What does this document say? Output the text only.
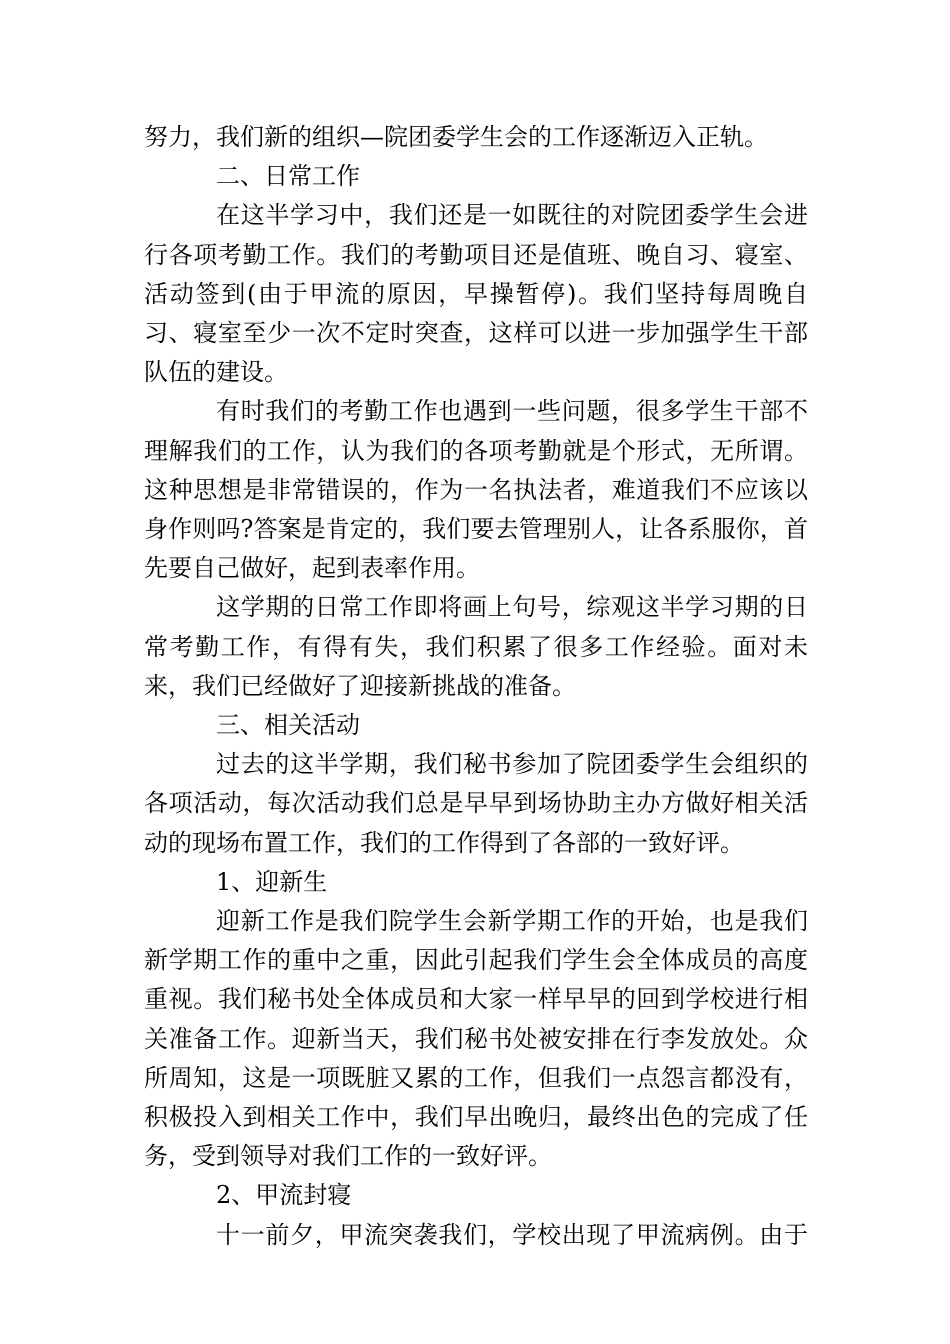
努力，我们新的组织—院团委学生会的工作逐渐迈入正轨。

二、日常工作

在这半学习中，我们还是一如既往的对院团委学生会进行各项考勤工作。我们的考勤项目还是值班、晚自习、寝室、活动签到(由于甲流的原因，早操暂停)。我们坚持每周晚自习、寝室至少一次不定时突查，这样可以进一步加强学生干部队伍的建设。

有时我们的考勤工作也遇到一些问题，很多学生干部不理解我们的工作，认为我们的各项考勤就是个形式，无所谓。这种思想是非常错误的，作为一名执法者，难道我们不应该以身作则吗?答案是肯定的，我们要去管理别人，让各系服你，首先要自己做好，起到表率作用。

这学期的日常工作即将画上句号，综观这半学习期的日常考勤工作，有得有失，我们积累了很多工作经验。面对未来，我们已经做好了迎接新挑战的准备。

三、相关活动

过去的这半学期，我们秘书参加了院团委学生会组织的各项活动，每次活动我们总是早早到场协助主办方做好相关活动的现场布置工作，我们的工作得到了各部的一致好评。

1、迎新生

迎新工作是我们院学生会新学期工作的开始，也是我们新学期工作的重中之重，因此引起我们学生会全体成员的高度重视。我们秘书处全体成员和大家一样早早的回到学校进行相关准备工作。迎新当天，我们秘书处被安排在行李发放处。众所周知，这是一项既脏又累的工作，但我们一点怨言都没有，积极投入到相关工作中，我们早出晚归，最终出色的完成了任务，受到领导对我们工作的一致好评。

2、甲流封寝

十一前夕，甲流突袭我们，学校出现了甲流病例。由于
